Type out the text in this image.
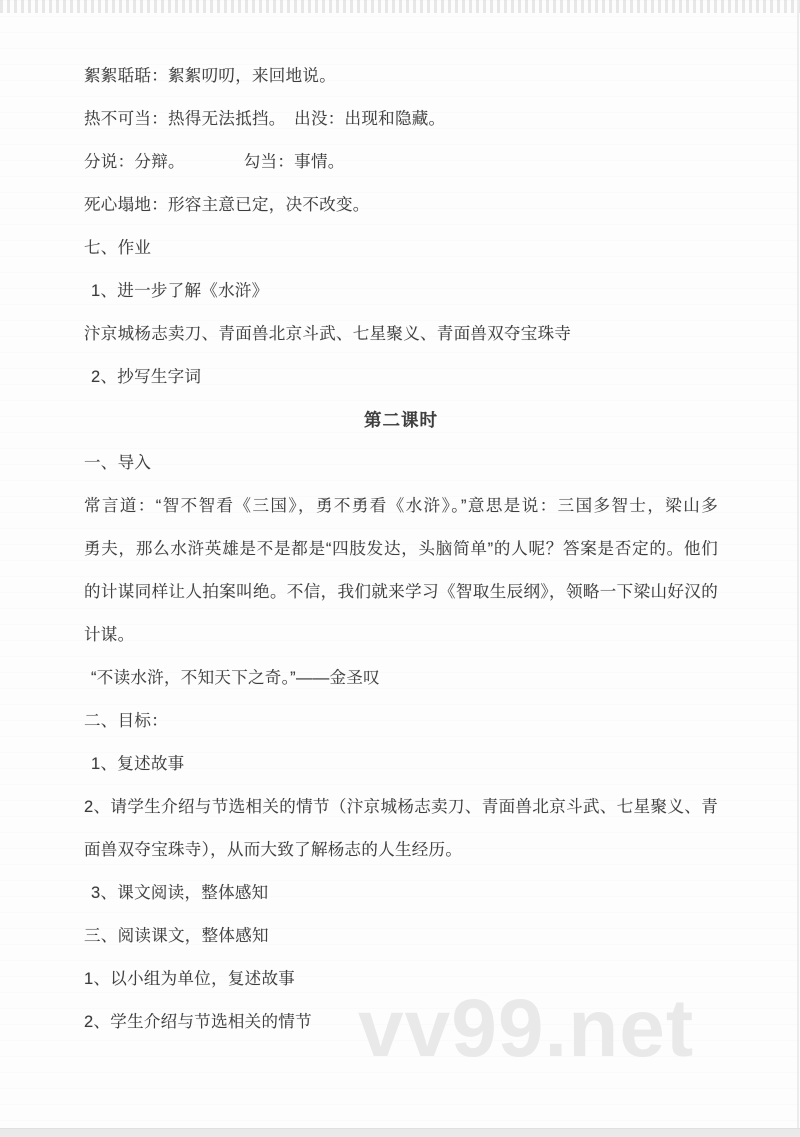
vv99.net
絮絮聒聒：絮絮叨叨，来回地说。
热不可当：热得无法抵挡。　出没：出现和隐藏。
分说：分辩。　　　　勾当：事情。
死心塌地：形容主意已定，决不改变。
七、作业
1、进一步了解《水浒》
汴京城杨志卖刀、青面兽北京斗武、七星聚义、青面兽双夺宝珠寺
2、抄写生字词
第二课时
一、导入
常言道：“智不智看《三国》，勇不勇看《水浒》。”意思是说：三国多智士，梁山多
勇夫，那么水浒英雄是不是都是“四肢发达，头脑简单”的人呢？答案是否定的。他们
的计谋同样让人拍案叫绝。不信，我们就来学习《智取生辰纲》，领略一下梁山好汉的
计谋。
“不读水浒，不知天下之奇。”——金圣叹
二、目标：
1、复述故事
2、请学生介绍与节选相关的情节（汴京城杨志卖刀、青面兽北京斗武、七星聚义、青
面兽双夺宝珠寺），从而大致了解杨志的人生经历。
3、课文阅读，整体感知
三、阅读课文，整体感知
1、以小组为单位，复述故事
2、学生介绍与节选相关的情节
